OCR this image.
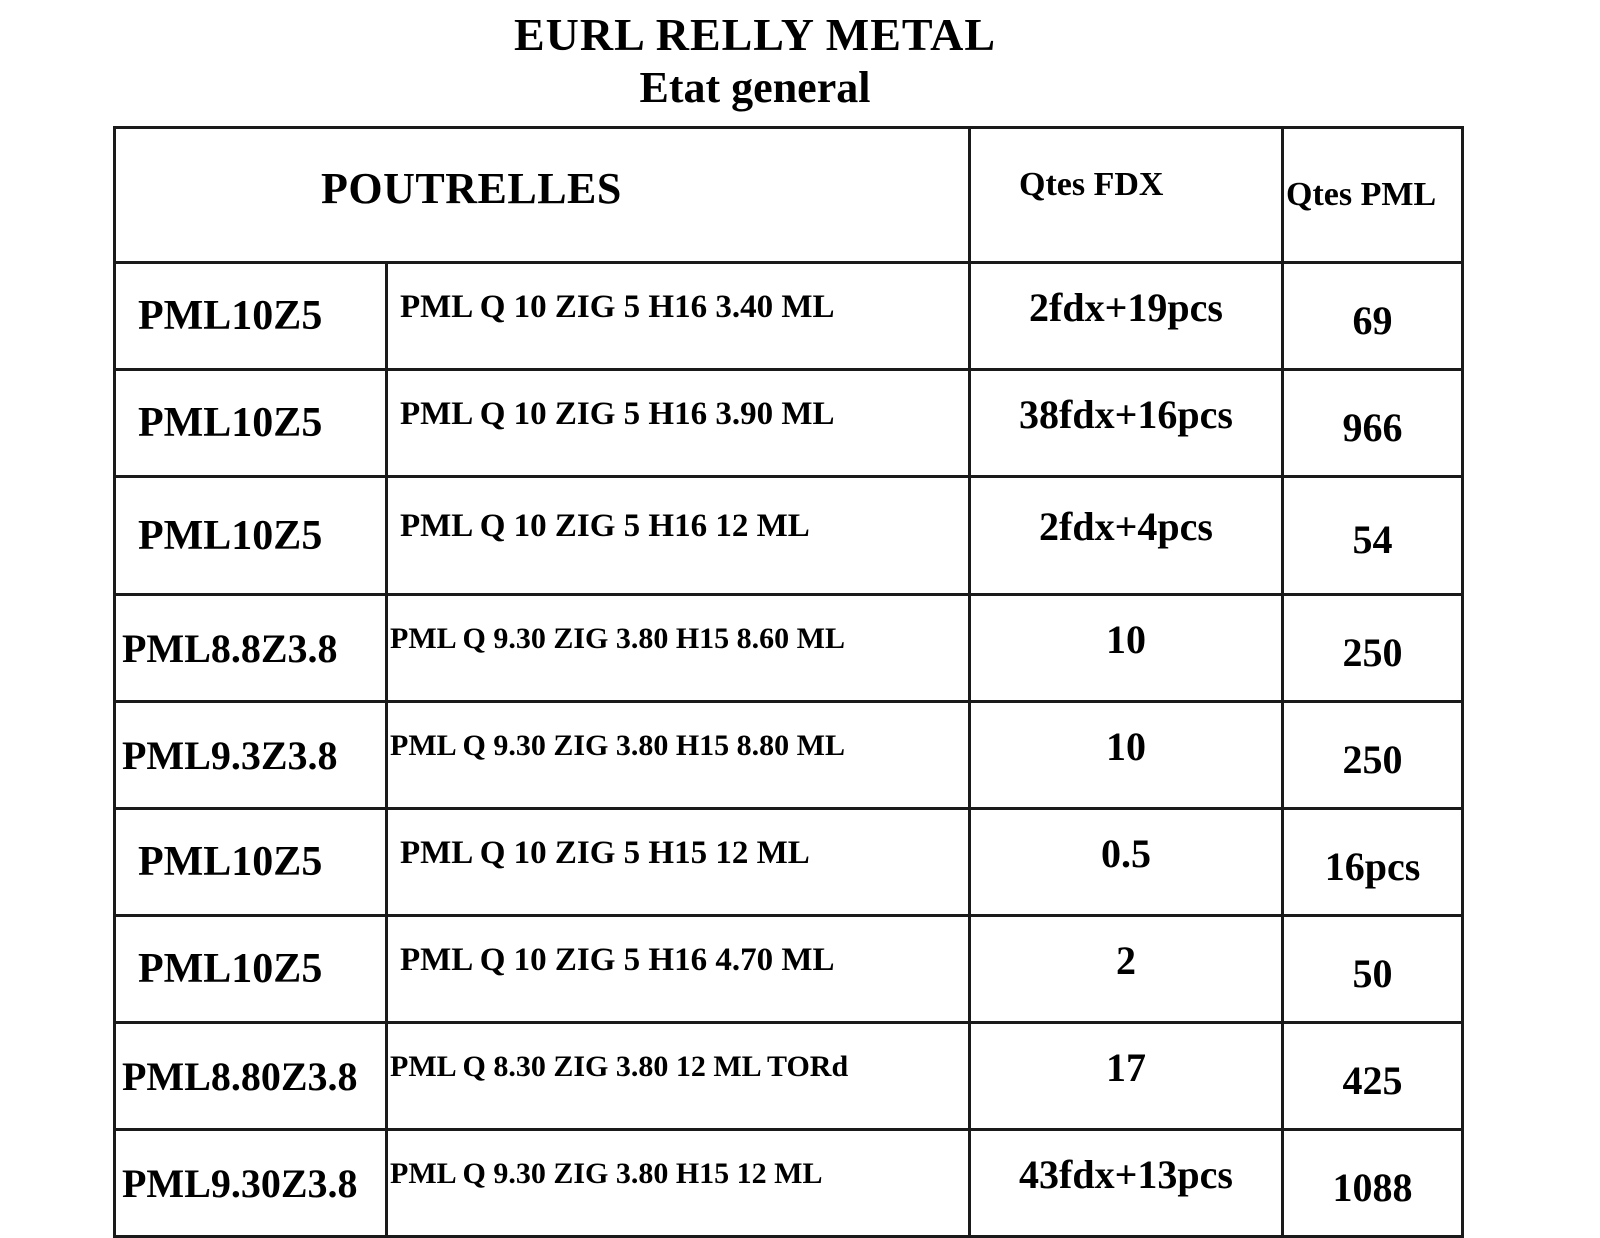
EURL RELLY METAL
Etat general
POUTRELLES		Qtes FDX	Qtes PML
PML10Z5	PML Q 10 ZIG 5 H16 3.40 ML	2fdx+19pcs	69
PML10Z5	PML Q 10 ZIG 5 H16 3.90 ML	38fdx+16pcs	966
PML10Z5	PML Q 10 ZIG 5 H16 12 ML	2fdx+4pcs	54
PML8.8Z3.8	PML Q 9.30 ZIG 3.80 H15 8.60 ML	10	250
PML9.3Z3.8	PML Q 9.30 ZIG 3.80 H15 8.80 ML	10	250
PML10Z5	PML Q 10 ZIG 5 H15 12 ML	0.5	16pcs
PML10Z5	PML Q 10 ZIG 5 H16 4.70 ML	2	50
PML8.80Z3.8	PML Q 8.30 ZIG 3.80 12 ML TORd	17	425
PML9.30Z3.8	PML Q 9.30 ZIG 3.80 H15 12 ML	43fdx+13pcs	1088
